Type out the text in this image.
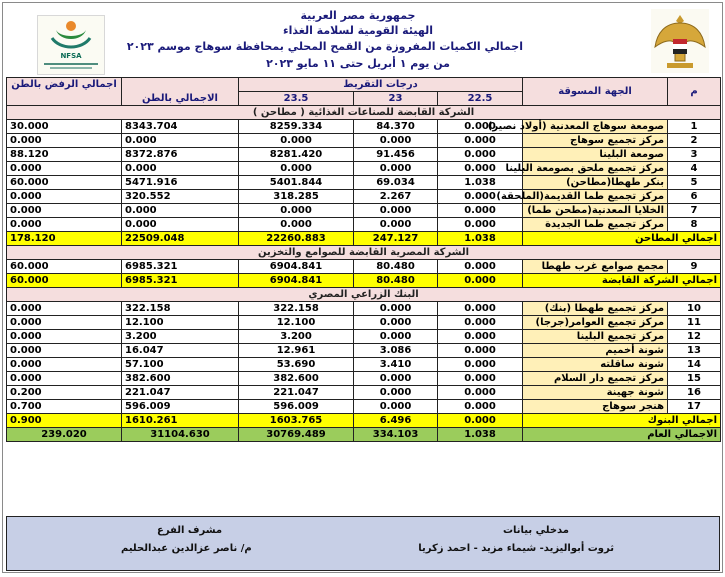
جمهورية مصر العربية
الهيئة القومية لسلامة الغذاء
اجمالي الكميات المفروزة من القمح المحلي بمحافظة سوهاج موسم ٢٠٢٣
من يوم ١ أبريل حتى ١١ مايو ٢٠٢٣
NFSA
م	الجهة المسوقة	درجات التقريط			الاجمالي بالطن	اجمالي الرفض بالطن
		22.5	23	23.5		
الشركة القابضة للصناعات الغذائية ( مطاحن )						
1	صومعة سوهاج المعدنية (أولاد نصير)	0.000	84.370	8259.334	8343.704	30.000
2	مركز تجميع سوهاج	0.000	0.000	0.000	0.000	0.000
3	صومعة البلينا	0.000	91.456	8281.420	8372.876	88.120
4	مركز تجميع ملحق بصومعة البلينا	0.000	0.000	0.000	0.000	0.000
5	بنكر طهطا(مطاحن)	1.038	69.034	5401.844	5471.916	60.000
6	مركز تجميع طما القديمة(الملحقة)	0.000	2.267	318.285	320.552	0.000
7	الخلايا المعدنية(مطحن طما)	0.000	0.000	0.000	0.000	0.000
8	مركز تجميع طما الجديدة	0.000	0.000	0.000	0.000	0.000
اجمالي المطاحن		1.038	247.127	22260.883	22509.048	178.120
الشركة المصرية القابضة للصوامع والتخزين						
9	مجمع صوامع غرب طهطا	0.000	80.480	6904.841	6985.321	60.000
اجمالي الشركة القابضة		0.000	80.480	6904.841	6985.321	60.000
البنك الزراعي المصري						
10	مركز تجميع طهطا (بنك)	0.000	0.000	322.158	322.158	0.000
11	مركز تجميع العوامر(جرجا)	0.000	0.000	12.100	12.100	0.000
12	مركز تجميع البلينا	0.000	0.000	3.200	3.200	0.000
13	شونة أخميم	0.000	3.086	12.961	16.047	0.000
14	شونة ساقلته	0.000	3.410	53.690	57.100	0.000
15	مركز تجميع دار السلام	0.000	0.000	382.600	382.600	0.000
16	شونة جهينة	0.000	0.000	221.047	221.047	0.200
17	هنجر سوهاج	0.000	0.000	596.009	596.009	0.700
اجمالي البنوك		0.000	6.496	1603.765	1610.261	0.900
الاجمالي العام		1.038	334.103	30769.489	31104.630	239.020
مدخلي بيانات
ثروت أبواليزيد- شيماء مزيد - احمد زكريا
مشرف الفرع
م/ ناصر عزالدين عبدالحليم
